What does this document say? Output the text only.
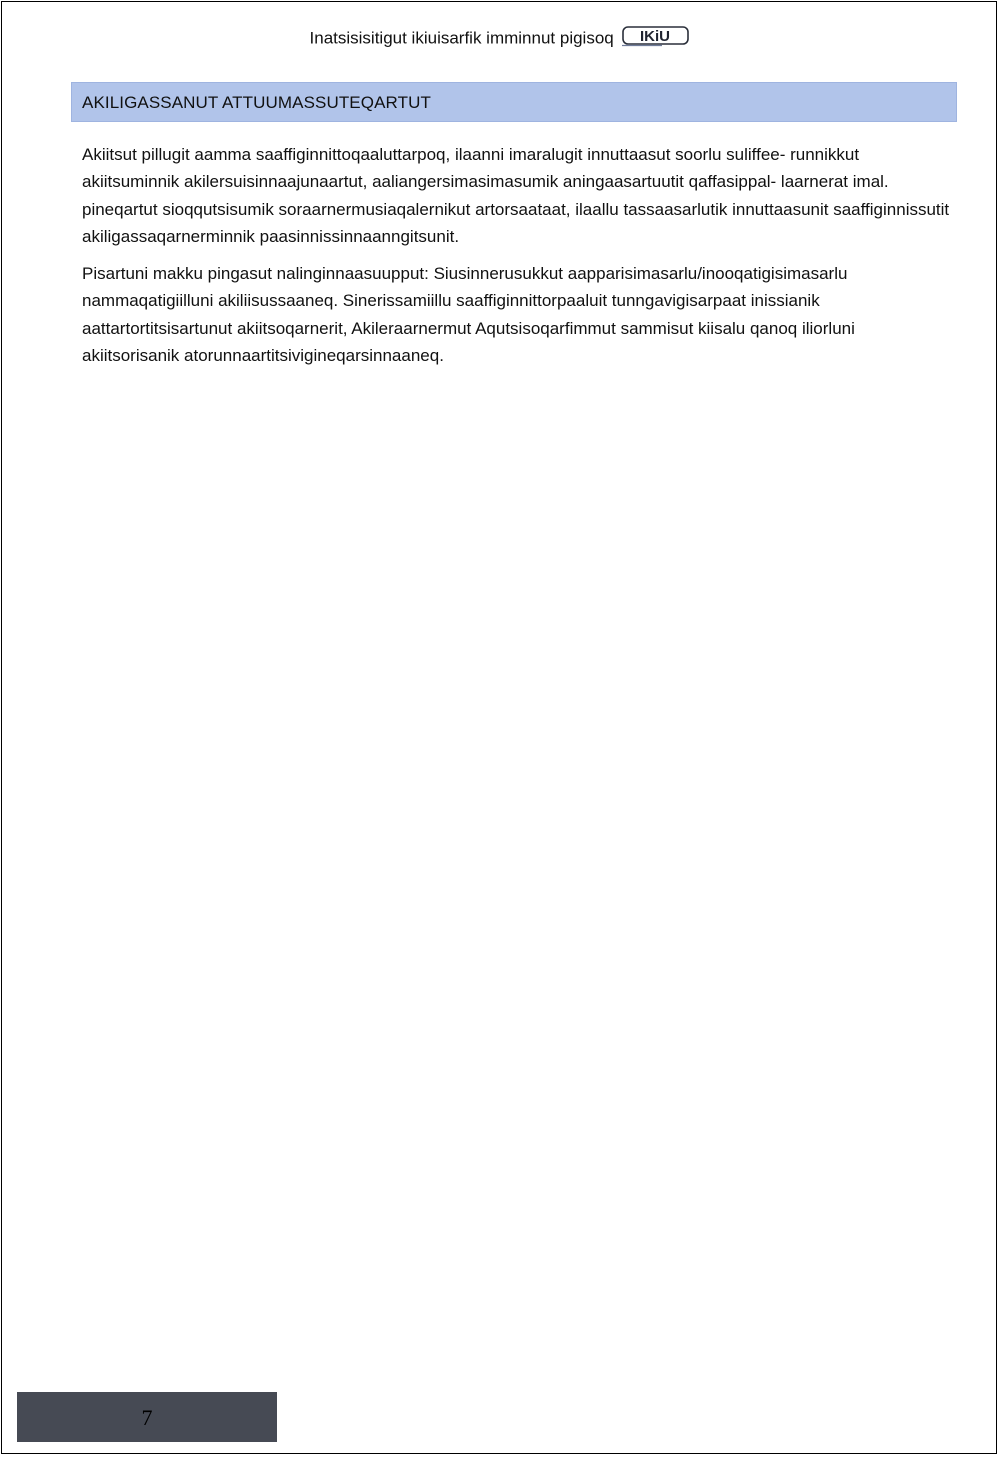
Inatsisisitigut ikiuisarfik imminnut pigisoq IKiU
AKILIGASSANUT ATTUUMASSUTEQARTUT

Akiitsut pillugit aamma saaffiginnittoqaaluttarpoq, ilaanni imaralugit innuttaasut soorlu suliffee- runnikkut akiitsuminnik akilersuisinnaajunaartut, aaliangersimasimasumik aningaasartuutit qaffasippal- laarnerat imal. pineqartut sioqqutsisumik soraarnermusiaqalernikut artorsaataat, ilaallu tassaasarlutik innuttaasunit saaffiginnissutit akiligassaqarnerminnik paasinnissinnaanngitsunit.

Pisartuni makku pingasut nalinginnaasuupput: Siusinnerusukkut aapparisimasarlu/inooqatigisimasarlu nammaqatigiilluni akiliisussaaneq. Sinerissamiillu saaffiginnittorpaaluit tunngavigisarpaat inissianik aattartortitsisartunut akiitsoqarnerit, Akileraarnermut Aqutsisoqarfimmut sammisut kiisalu qanoq iliorluni akiitsorisanik atorunnaartitsivigineqarsinnaaneq.

7
